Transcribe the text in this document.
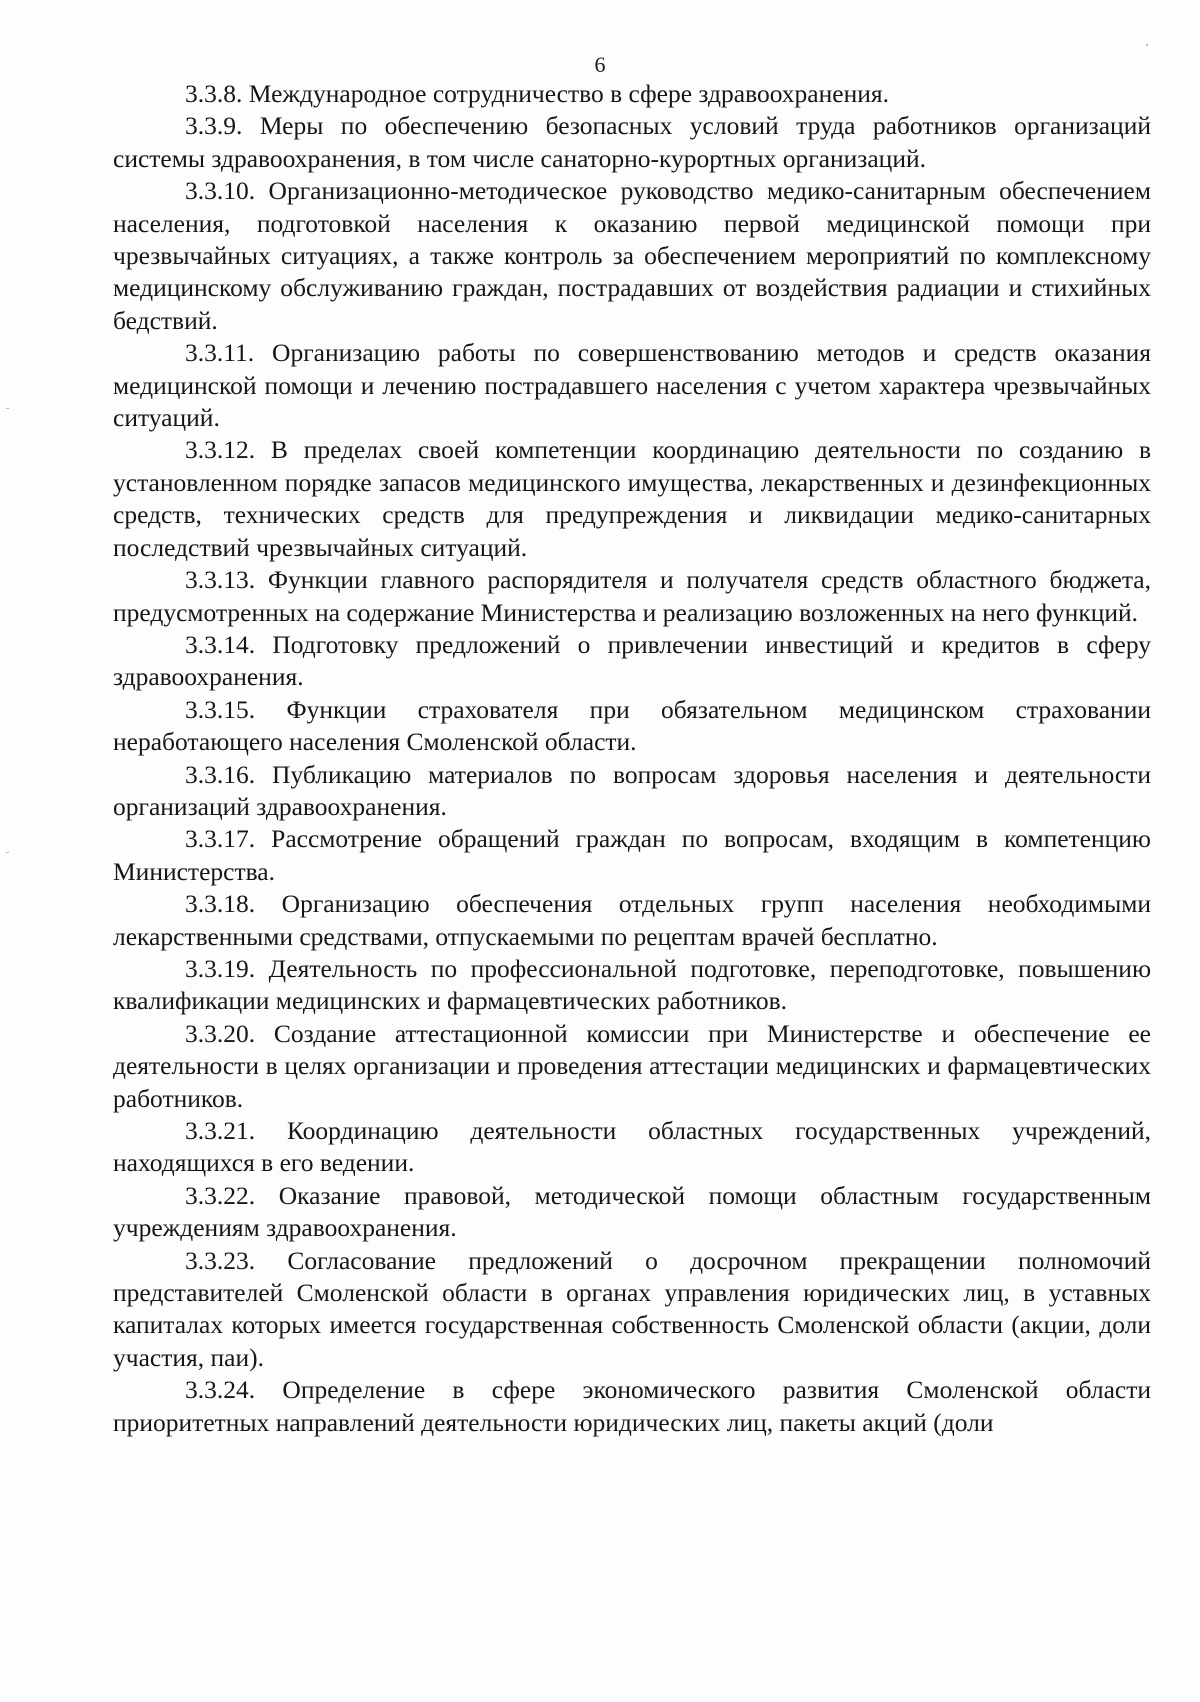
6

3.3.8. Международное сотрудничество в сфере здравоохранения.

3.3.9. Меры по обеспечению безопасных условий труда работников организаций системы здравоохранения, в том числе санаторно-курортных организаций.

3.3.10. Организационно-методическое руководство медико-санитарным обеспечением населения, подготовкой населения к оказанию первой медицинской помощи при чрезвычайных ситуациях, а также контроль за обеспечением мероприятий по комплексному медицинскому обслуживанию граждан, пострадавших от воздействия радиации и стихийных бедствий.

3.3.11. Организацию работы по совершенствованию методов и средств оказания медицинской помощи и лечению пострадавшего населения с учетом характера чрезвычайных ситуаций.

3.3.12. В пределах своей компетенции координацию деятельности по созданию в установленном порядке запасов медицинского имущества, лекарственных и дезинфекционных средств, технических средств для предупреждения и ликвидации медико-санитарных последствий чрезвычайных ситуаций.

3.3.13. Функции главного распорядителя и получателя средств областного бюджета, предусмотренных на содержание Министерства и реализацию возложенных на него функций.

3.3.14. Подготовку предложений о привлечении инвестиций и кредитов в сферу здравоохранения.

3.3.15. Функции страхователя при обязательном медицинском страховании неработающего населения Смоленской области.

3.3.16. Публикацию материалов по вопросам здоровья населения и деятельности организаций здравоохранения.

3.3.17. Рассмотрение обращений граждан по вопросам, входящим в компетенцию Министерства.

3.3.18. Организацию обеспечения отдельных групп населения необходимыми лекарственными средствами, отпускаемыми по рецептам врачей бесплатно.

3.3.19. Деятельность по профессиональной подготовке, переподготовке, повышению квалификации медицинских и фармацевтических работников.

3.3.20. Создание аттестационной комиссии при Министерстве и обеспечение ее деятельности в целях организации и проведения аттестации медицинских и фармацевтических работников.

3.3.21. Координацию деятельности областных государственных учреждений, находящихся в его ведении.

3.3.22. Оказание правовой, методической помощи областным государственным учреждениям здравоохранения.

3.3.23. Согласование предложений о досрочном прекращении полномочий представителей Смоленской области в органах управления юридических лиц, в уставных капиталах которых имеется государственная собственность Смоленской области (акции, доли участия, паи).

3.3.24. Определение в сфере экономического развития Смоленской области приоритетных направлений деятельности юридических лиц, пакеты акций (доли
